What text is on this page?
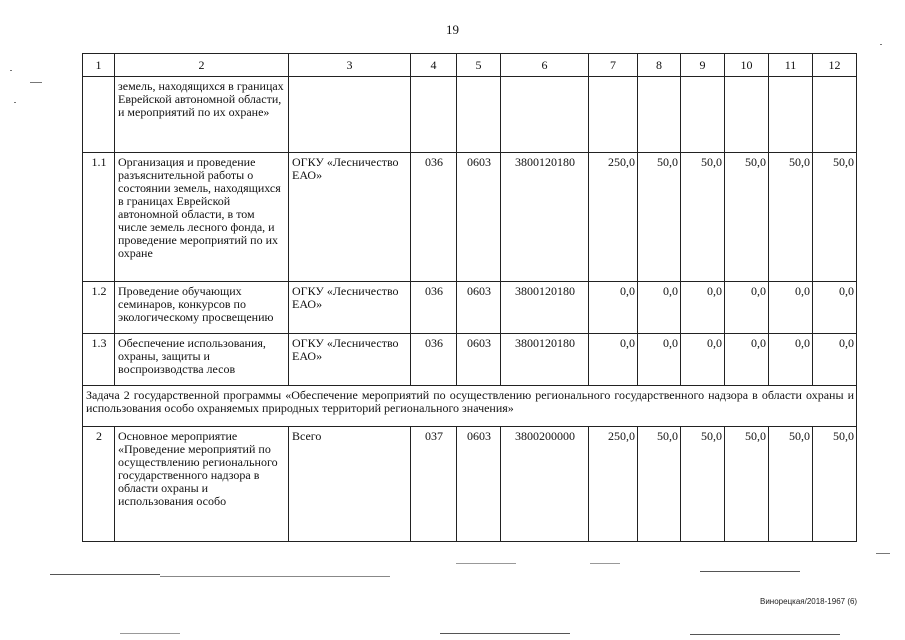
19
1	2	3	4	5	6	7	8	9	10	11	12
	земель, находящихся в границах Еврейской автономной области, и мероприятий по их охране»										
1.1	Организация и проведение разъяснительной работы о состоянии земель, находящихся в границах Еврейской автономной области, в том числе земель лесного фонда, и проведение мероприятий по их охране	ОГКУ «Лесничество ЕАО»	036	0603	3800120180	250,0	50,0	50,0	50,0	50,0	50,0
1.2	Проведение обучающих семинаров, конкурсов по экологическому просвещению	ОГКУ «Лесничество ЕАО»	036	0603	3800120180	0,0	0,0	0,0	0,0	0,0	0,0
1.3	Обеспечение использования, охраны, защиты и воспроизводства лесов	ОГКУ «Лесничество ЕАО»	036	0603	3800120180	0,0	0,0	0,0	0,0	0,0	0,0
Задача 2 государственной программы «Обеспечение мероприятий по осуществлению регионального государственного надзора в области охраны и использования особо охраняемых природных территорий регионального значения»											
2	Основное мероприятие «Проведение мероприятий по осуществлению регионального государственного надзора в области охраны и использования особо	Всего	037	0603	3800200000	250,0	50,0	50,0	50,0	50,0	50,0
Винорецкая/2018-1967 (6)
